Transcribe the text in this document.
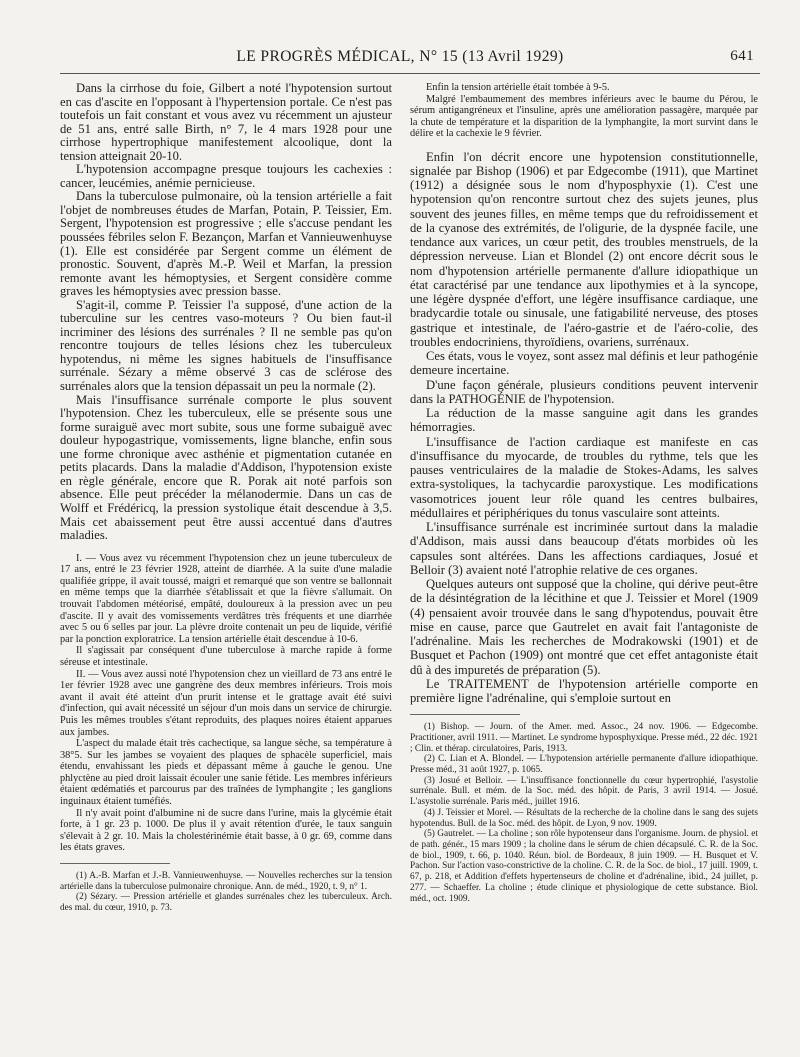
LE PROGRÈS MÉDICAL, N° 15 (13 Avril 1929)	641

Dans la cirrhose du foie, Gilbert a noté l'hypotension surtout en cas d'ascite en l'opposant à l'hypertension portale. Ce n'est pas toutefois un fait constant et vous avez vu récemment un ajusteur de 51 ans, entré salle Birth, n° 7, le 4 mars 1928 pour une cirrhose hypertrophique manifestement alcoolique, dont la tension atteignait 20-10.

L'hypotension accompagne presque toujours les cachexies : cancer, leucémies, anémie pernicieuse.

Dans la tuberculose pulmonaire, où la tension artérielle a fait l'objet de nombreuses études de Marfan, Potain, P. Teissier, Em. Sergent, l'hypotension est progressive ; elle s'accuse pendant les poussées fébriles selon F. Bezançon, Marfan et Vannieuwenhuyse (1). Elle est considérée par Sergent comme un élément de pronostic. Souvent, d'après M.-P. Weil et Marfan, la pression remonte avant les hémoptysies, et Sergent considère comme graves les hémoptysies avec pression basse.

S'agit-il, comme P. Teissier l'a supposé, d'une action de la tuberculine sur les centres vaso-moteurs ? Ou bien faut-il incriminer des lésions des surrénales ? Il ne semble pas qu'on rencontre toujours de telles lésions chez les tuberculeux hypotendus, ni même les signes habituels de l'insuffisance surrénale. Sézary a même observé 3 cas de sclérose des surrénales alors que la tension dépassait un peu la normale (2).

Mais l'insuffisance surrénale comporte le plus souvent l'hypotension. Chez les tuberculeux, elle se présente sous une forme suraiguë avec mort subite, sous une forme subaiguë avec douleur hypogastrique, vomissements, ligne blanche, enfin sous une forme chronique avec asthénie et pigmentation cutanée en petits placards. Dans la maladie d'Addison, l'hypotension existe en règle générale, encore que R. Porak ait noté parfois son absence. Elle peut précéder la mélanodermie. Dans un cas de Wolff et Frédéricq, la pression systolique était descendue à 3,5. Mais cet abaissement peut être aussi accentué dans d'autres maladies.

I. — Vous avez vu récemment l'hypotension chez un jeune tuberculeux de 17 ans, entré le 23 février 1928, atteint de diarrhée. A la suite d'une maladie qualifiée grippe, il avait toussé, maigri et remarqué que son ventre se ballonnait en même temps que la diarrhée s'établissait et que la fièvre s'allumait. On trouvait l'abdomen météorisé, empâté, douloureux à la pression avec un peu d'ascite. Il y avait des vomissements verdâtres très fréquents et une diarrhée avec 5 ou 6 selles par jour. La plèvre droite contenait un peu de liquide, vérifié par la ponction exploratrice. La tension artérielle était descendue à 10-6.

Il s'agissait par conséquent d'une tuberculose à marche rapide à forme séreuse et intestinale.

II. — Vous avez aussi noté l'hypotension chez un vieillard de 73 ans entré le 1er février 1928 avec une gangrène des deux membres inférieurs. Trois mois avant il avait été atteint d'un prurit intense et le grattage avait été suivi d'infection, qui avait nécessité un séjour d'un mois dans un service de chirurgie. Puis les mêmes troubles s'étant reproduits, des plaques noires étaient apparues aux jambes.

L'aspect du malade était très cachectique, sa langue sèche, sa température à 38°5. Sur les jambes se voyaient des plaques de sphacèle superficiel, mais étendu, envahissant les pieds et dépassant même à gauche le genou. Une phlyctène au pied droit laissait écouler une sanie fétide. Les membres inférieurs étaient œdématiés et parcourus par des traînées de lymphangite ; les ganglions inguinaux étaient tuméfiés.

Il n'y avait point d'albumine ni de sucre dans l'urine, mais la glycémie était forte, à 1 gr. 23 p. 1000. De plus il y avait rétention d'urée, le taux sanguin s'élevait à 2 gr. 10. Mais la cholestérinémie était basse, à 0 gr. 69, comme dans les états graves.

(1) A.-B. Marfan et J.-B. Vannieuwenhuyse. — Nouvelles recherches sur la tension artérielle dans la tuberculose pulmonaire chronique. Ann. de méd., 1920, t. 9, n° 1.

(2) Sézary. — Pression artérielle et glandes surrénales chez les tuberculeux. Arch. des mal. du cœur, 1910, p. 73.

Enfin la tension artérielle était tombée à 9-5.

Malgré l'embaumement des membres inférieurs avec le baume du Pérou, le sérum antigangréneux et l'insuline, après une amélioration passagère, marquée par la chute de température et la disparition de la lymphangite, la mort survint dans le délire et la cachexie le 9 février.

Enfin l'on décrit encore une hypotension constitutionnelle, signalée par Bishop (1906) et par Edgecombe (1911), que Martinet (1912) a désignée sous le nom d'hyposphyxie (1). C'est une hypotension qu'on rencontre surtout chez des sujets jeunes, plus souvent des jeunes filles, en même temps que du refroidissement et de la cyanose des extrémités, de l'oligurie, de la dyspnée facile, une tendance aux varices, un cœur petit, des troubles menstruels, de la dépression nerveuse. Lian et Blondel (2) ont encore décrit sous le nom d'hypotension artérielle permanente d'allure idiopathique un état caractérisé par une tendance aux lipothymies et à la syncope, une légère dyspnée d'effort, une légère insuffisance cardiaque, une bradycardie totale ou sinusale, une fatigabilité nerveuse, des ptoses gastrique et intestinale, de l'aéro-gastrie et de l'aéro-colie, des troubles endocriniens, thyroïdiens, ovariens, surrénaux.

Ces états, vous le voyez, sont assez mal définis et leur pathogénie demeure incertaine.

D'une façon générale, plusieurs conditions peuvent intervenir dans la PATHOGÉNIE de l'hypotension.

La réduction de la masse sanguine agit dans les grandes hémorragies.

L'insuffisance de l'action cardiaque est manifeste en cas d'insuffisance du myocarde, de troubles du rythme, tels que les pauses ventriculaires de la maladie de Stokes-Adams, les salves extra-systoliques, la tachycardie paroxystique. Les modifications vasomotrices jouent leur rôle quand les centres bulbaires, médullaires et périphériques du tonus vasculaire sont atteints.

L'insuffisance surrénale est incriminée surtout dans la maladie d'Addison, mais aussi dans beaucoup d'états morbides où les capsules sont altérées. Dans les affections cardiaques, Josué et Belloir (3) avaient noté l'atrophie relative de ces organes.

Quelques auteurs ont supposé que la choline, qui dérive peut-être de la désintégration de la lécithine et que J. Teissier et Morel (1909 (4) pensaient avoir trouvée dans le sang d'hypotendus, pouvait être mise en cause, parce que Gautrelet en avait fait l'antagoniste de l'adrénaline. Mais les recherches de Modrakowski (1901) et de Busquet et Pachon (1909) ont montré que cet effet antagoniste était dû à des impuretés de préparation (5).

Le TRAITEMENT de l'hypotension artérielle comporte en première ligne l'adrénaline, qui s'emploie surtout en

(1) Bishop. — Journ. of the Amer. med. Assoc., 24 nov. 1906. — Edgecombe. Practitioner, avril 1911. — Martinet. Le syndrome hyposphyxique. Presse méd., 22 déc. 1921 ; Clin. et thérap. circulatoires, Paris, 1913.

(2) C. Lian et A. Blondel. — L'hypotension artérielle permanente d'allure idiopathique. Presse méd., 31 août 1927, p. 1065.

(3) Josué et Belloir. — L'insuffisance fonctionnelle du cœur hypertrophié, l'asystolie surrénale. Bull. et mém. de la Soc. méd. des hôpit. de Paris, 3 avril 1914. — Josué. L'asystolie surrénale. Paris méd., juillet 1916.

(4) J. Teissier et Morel. — Résultats de la recherche de la choline dans le sang des sujets hypotendus. Bull. de la Soc. méd. des hôpit. de Lyon, 9 nov. 1909.

(5) Gautrelet. — La choline ; son rôle hypotenseur dans l'organisme. Journ. de physiol. et de path. génér., 15 mars 1909 ; la choline dans le sérum de chien décapsulé. C. R. de la Soc. de biol., 1909, t. 66, p. 1040. Réun. biol. de Bordeaux, 8 juin 1909. — H. Busquet et V. Pachon. Sur l'action vaso-constrictive de la choline. C. R. de la Soc. de biol., 17 juill. 1909, t. 67, p. 218, et Addition d'effets hypertenseurs de choline et d'adrénaline, ibid., 24 juillet, p. 277. — Schaeffer. La choline ; étude clinique et physiologique de cette substance. Biol. méd., oct. 1909.
